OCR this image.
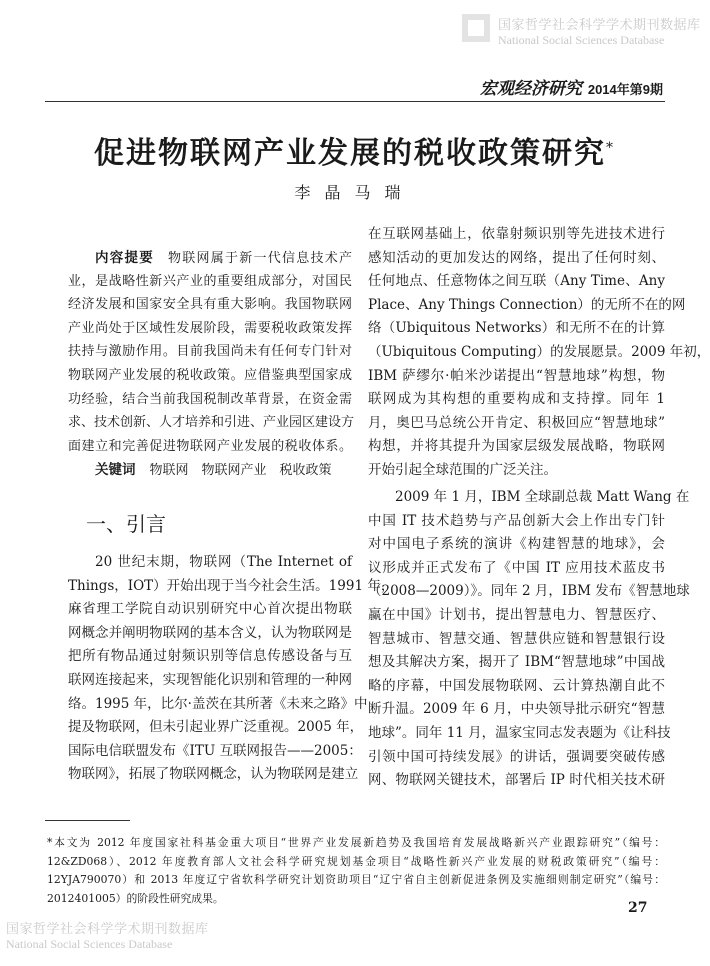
国家哲学社会科学学术期刊数据库
National Social Sciences Database
宏观经济研究 2014年第9期
促进物联网产业发展的税收政策研究*
李晶马瑞
内容提要 物联网属于新一代信息技术产
业，是战略性新兴产业的重要组成部分，对国民
经济发展和国家安全具有重大影响。我国物联网
产业尚处于区域性发展阶段，需要税收政策发挥
扶持与激励作用。目前我国尚未有任何专门针对
物联网产业发展的税收政策。应借鉴典型国家成
功经验，结合当前我国税制改革背景，在资金需
求、技术创新、人才培养和引进、产业园区建设方
面建立和完善促进物联网产业发展的税收体系。
关键词 物联网　物联网产业　税收政策
一、引言
20 世纪末期，物联网（The Internet of
Things，IOT）开始出现于当今社会生活。1991 年，
麻省理工学院自动识别研究中心首次提出物联
网概念并阐明物联网的基本含义，认为物联网是
把所有物品通过射频识别等信息传感设备与互
联网连接起来，实现智能化识别和管理的一种网
络。1995 年，比尔·盖茨在其所著《未来之路》中
提及物联网，但未引起业界广泛重视。2005 年，
国际电信联盟发布《ITU 互联网报告——2005：
物联网》，拓展了物联网概念，认为物联网是建立
在互联网基础上，依靠射频识别等先进技术进行
感知活动的更加发达的网络，提出了任何时刻、
任何地点、任意物体之间互联（Any Time、Any
Place、Any Things Connection）的无所不在的网
络（Ubiquitous Networks）和无所不在的计算
（Ubiquitous Computing）的发展愿景。2009 年初，
IBM 萨缪尔·帕米沙诺提出“智慧地球”构想，物
联网成为其构想的重要构成和支持撑。同年 1
月，奥巴马总统公开肯定、积极回应“智慧地球”
构想，并将其提升为国家层级发展战略，物联网
开始引起全球范围的广泛关注。
2009 年 1 月，IBM 全球副总裁 Matt Wang 在
中国 IT 技术趋势与产品创新大会上作出专门针
对中国电子系统的演讲《构建智慧的地球》，会
议形成并正式发布了《中国 IT 应用技术蓝皮书
（2008—2009）》。同年 2 月，IBM 发布《智慧地球
赢在中国》计划书，提出智慧电力、智慧医疗、
智慧城市、智慧交通、智慧供应链和智慧银行设
想及其解决方案，揭开了 IBM“智慧地球”中国战
略的序幕，中国发展物联网、云计算热潮自此不
断升温。2009 年 6 月，中央领导批示研究“智慧
地球”。同年 11 月，温家宝同志发表题为《让科技
引领中国可持续发展》的讲话，强调要突破传感
网、物联网关键技术，部署后 IP 时代相关技术研
*本文为 2012 年度国家社科基金重大项目“世界产业发展新趋势及我国培育发展战略新兴产业跟踪研究”（编号：
12&ZD068）、2012 年度教育部人文社会科学研究规划基金项目“战略性新兴产业发展的财税政策研究”（编号：
12YJA790070）和 2013 年度辽宁省软科学研究计划资助项目“辽宁省自主创新促进条例及实施细则制定研究”（编号：
2012401005）的阶段性研究成果。
27
国家哲学社会科学学术期刊数据库
National Social Sciences Database
